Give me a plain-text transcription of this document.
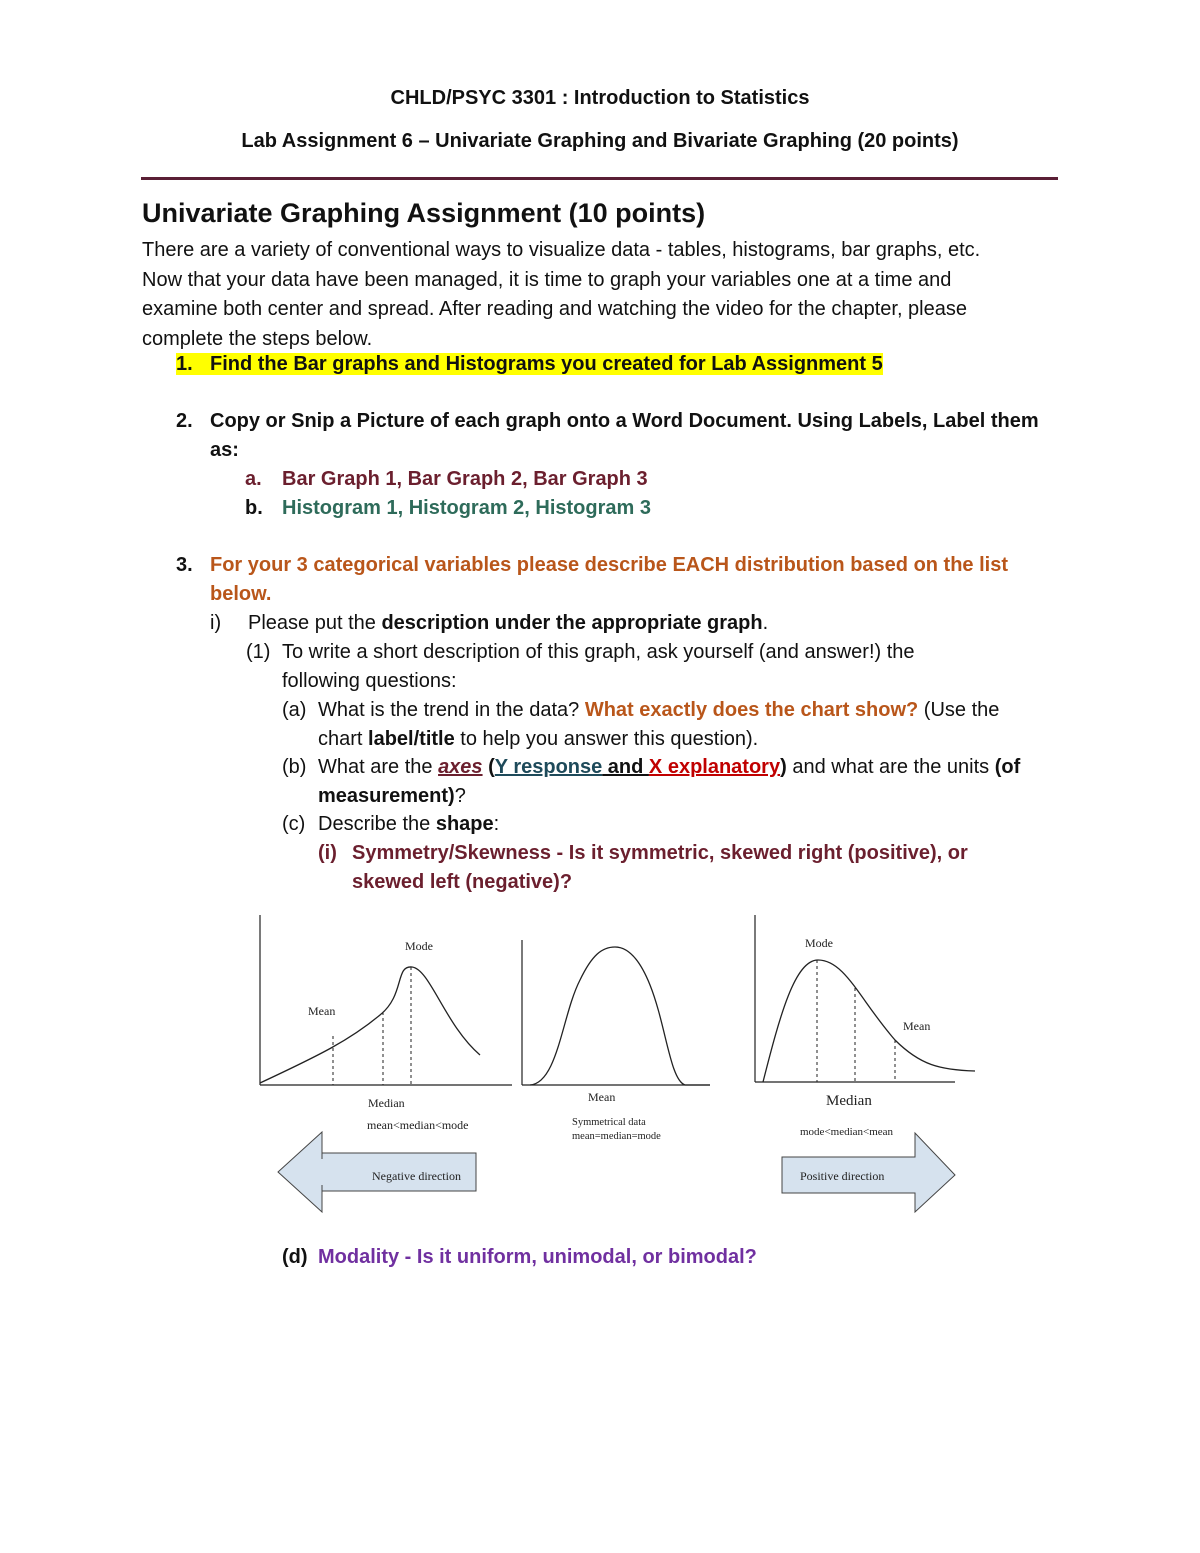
CHLD/PSYC 3301 : Introduction to Statistics
Lab Assignment 6 – Univariate Graphing and Bivariate Graphing (20 points)
Univariate Graphing Assignment (10 points)
There are a variety of conventional ways to visualize data - tables, histograms, bar graphs, etc.
Now that your data have been managed, it is time to graph your variables one at a time and
examine both center and spread. After reading and watching the video for the chapter, please
complete the steps below.
1. Find the Bar graphs and Histograms you created for Lab Assignment 5
2. Copy or Snip a Picture of each graph onto a Word Document. Using Labels, Label them
as:
a. Bar Graph 1, Bar Graph 2, Bar Graph 3
b. Histogram 1, Histogram 2, Histogram 3
3. For your 3 categorical variables please describe EACH distribution based on the list
below.
i) Please put the description under the appropriate graph.
(1) To write a short description of this graph, ask yourself (and answer!) the
following questions:
(a) What is the trend in the data? What exactly does the chart show? (Use the
chart label/title to help you answer this question).
(b) What are the axes (Y response and X explanatory) and what are the units (of
measurement)?
(c) Describe the shape:
(i) Symmetry/Skewness - Is it symmetric, skewed right (positive), or
skewed left (negative)?
Mode
Mean
Median
mean<median<mode
Negative direction
Mean
Symmetrical data
mean=median=mode
Mode
Mean
Median
mode<median<mean
Positive direction
(d) Modality - Is it uniform, unimodal, or bimodal?
